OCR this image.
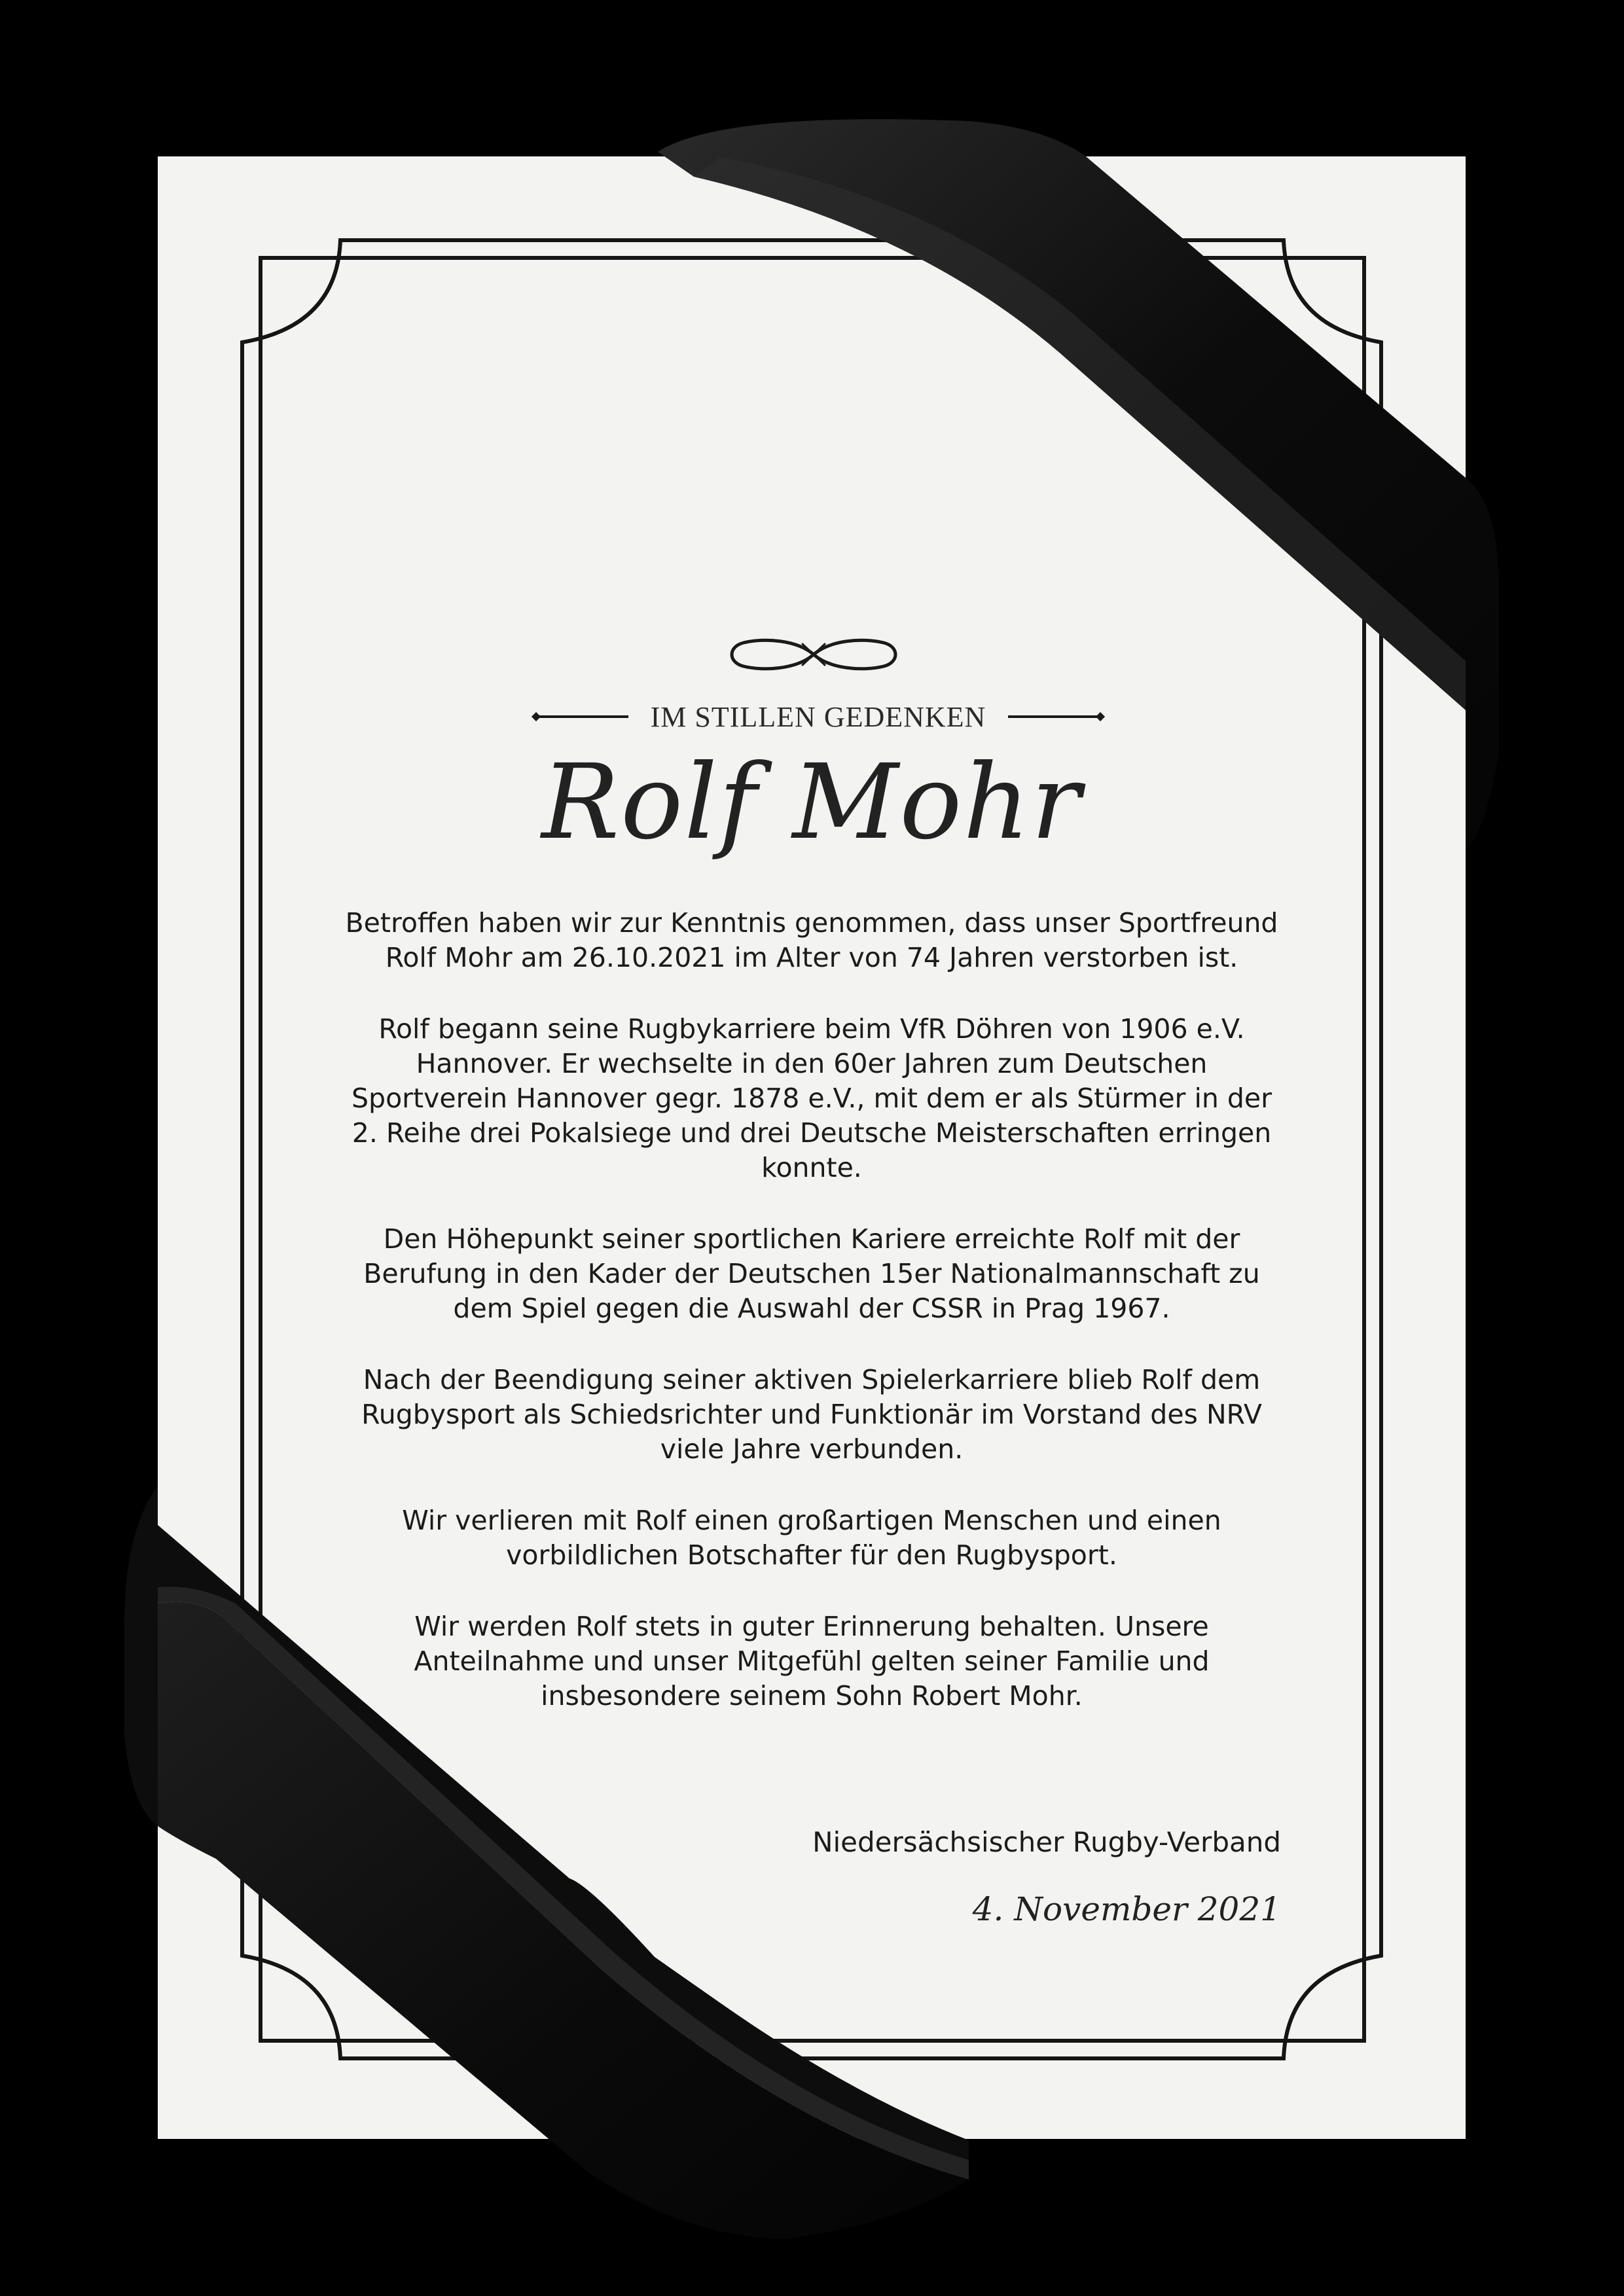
IM STILLEN GEDENKEN
Rolf Mohr

Betroffen haben wir zur Kenntnis genommen, dass unser Sportfreund Rolf Mohr am 26.10.2021 im Alter von 74 Jahren verstorben ist.

Rolf begann seine Rugbykarriere beim VfR Döhren von 1906 e.V. Hannover. Er wechselte in den 60er Jahren zum Deutschen Sportverein Hannover gegr. 1878 e.V., mit dem er als Stürmer in der 2. Reihe drei Pokalsiege und drei Deutsche Meisterschaften erringen konnte.

Den Höhepunkt seiner sportlichen Kariere erreichte Rolf mit der Berufung in den Kader der Deutschen 15er Nationalmannschaft zu dem Spiel gegen die Auswahl der CSSR in Prag 1967.

Nach der Beendigung seiner aktiven Spielerkarriere blieb Rolf dem Rugbysport als Schiedsrichter und Funktionär im Vorstand des NRV viele Jahre verbunden.

Wir verlieren mit Rolf einen großartigen Menschen und einen vorbildlichen Botschafter für den Rugbysport.

Wir werden Rolf stets in guter Erinnerung behalten. Unsere Anteilnahme und unser Mitgefühl gelten seiner Familie und insbesondere seinem Sohn Robert Mohr.

Niedersächsischer Rugby-Verband
4. November 2021
